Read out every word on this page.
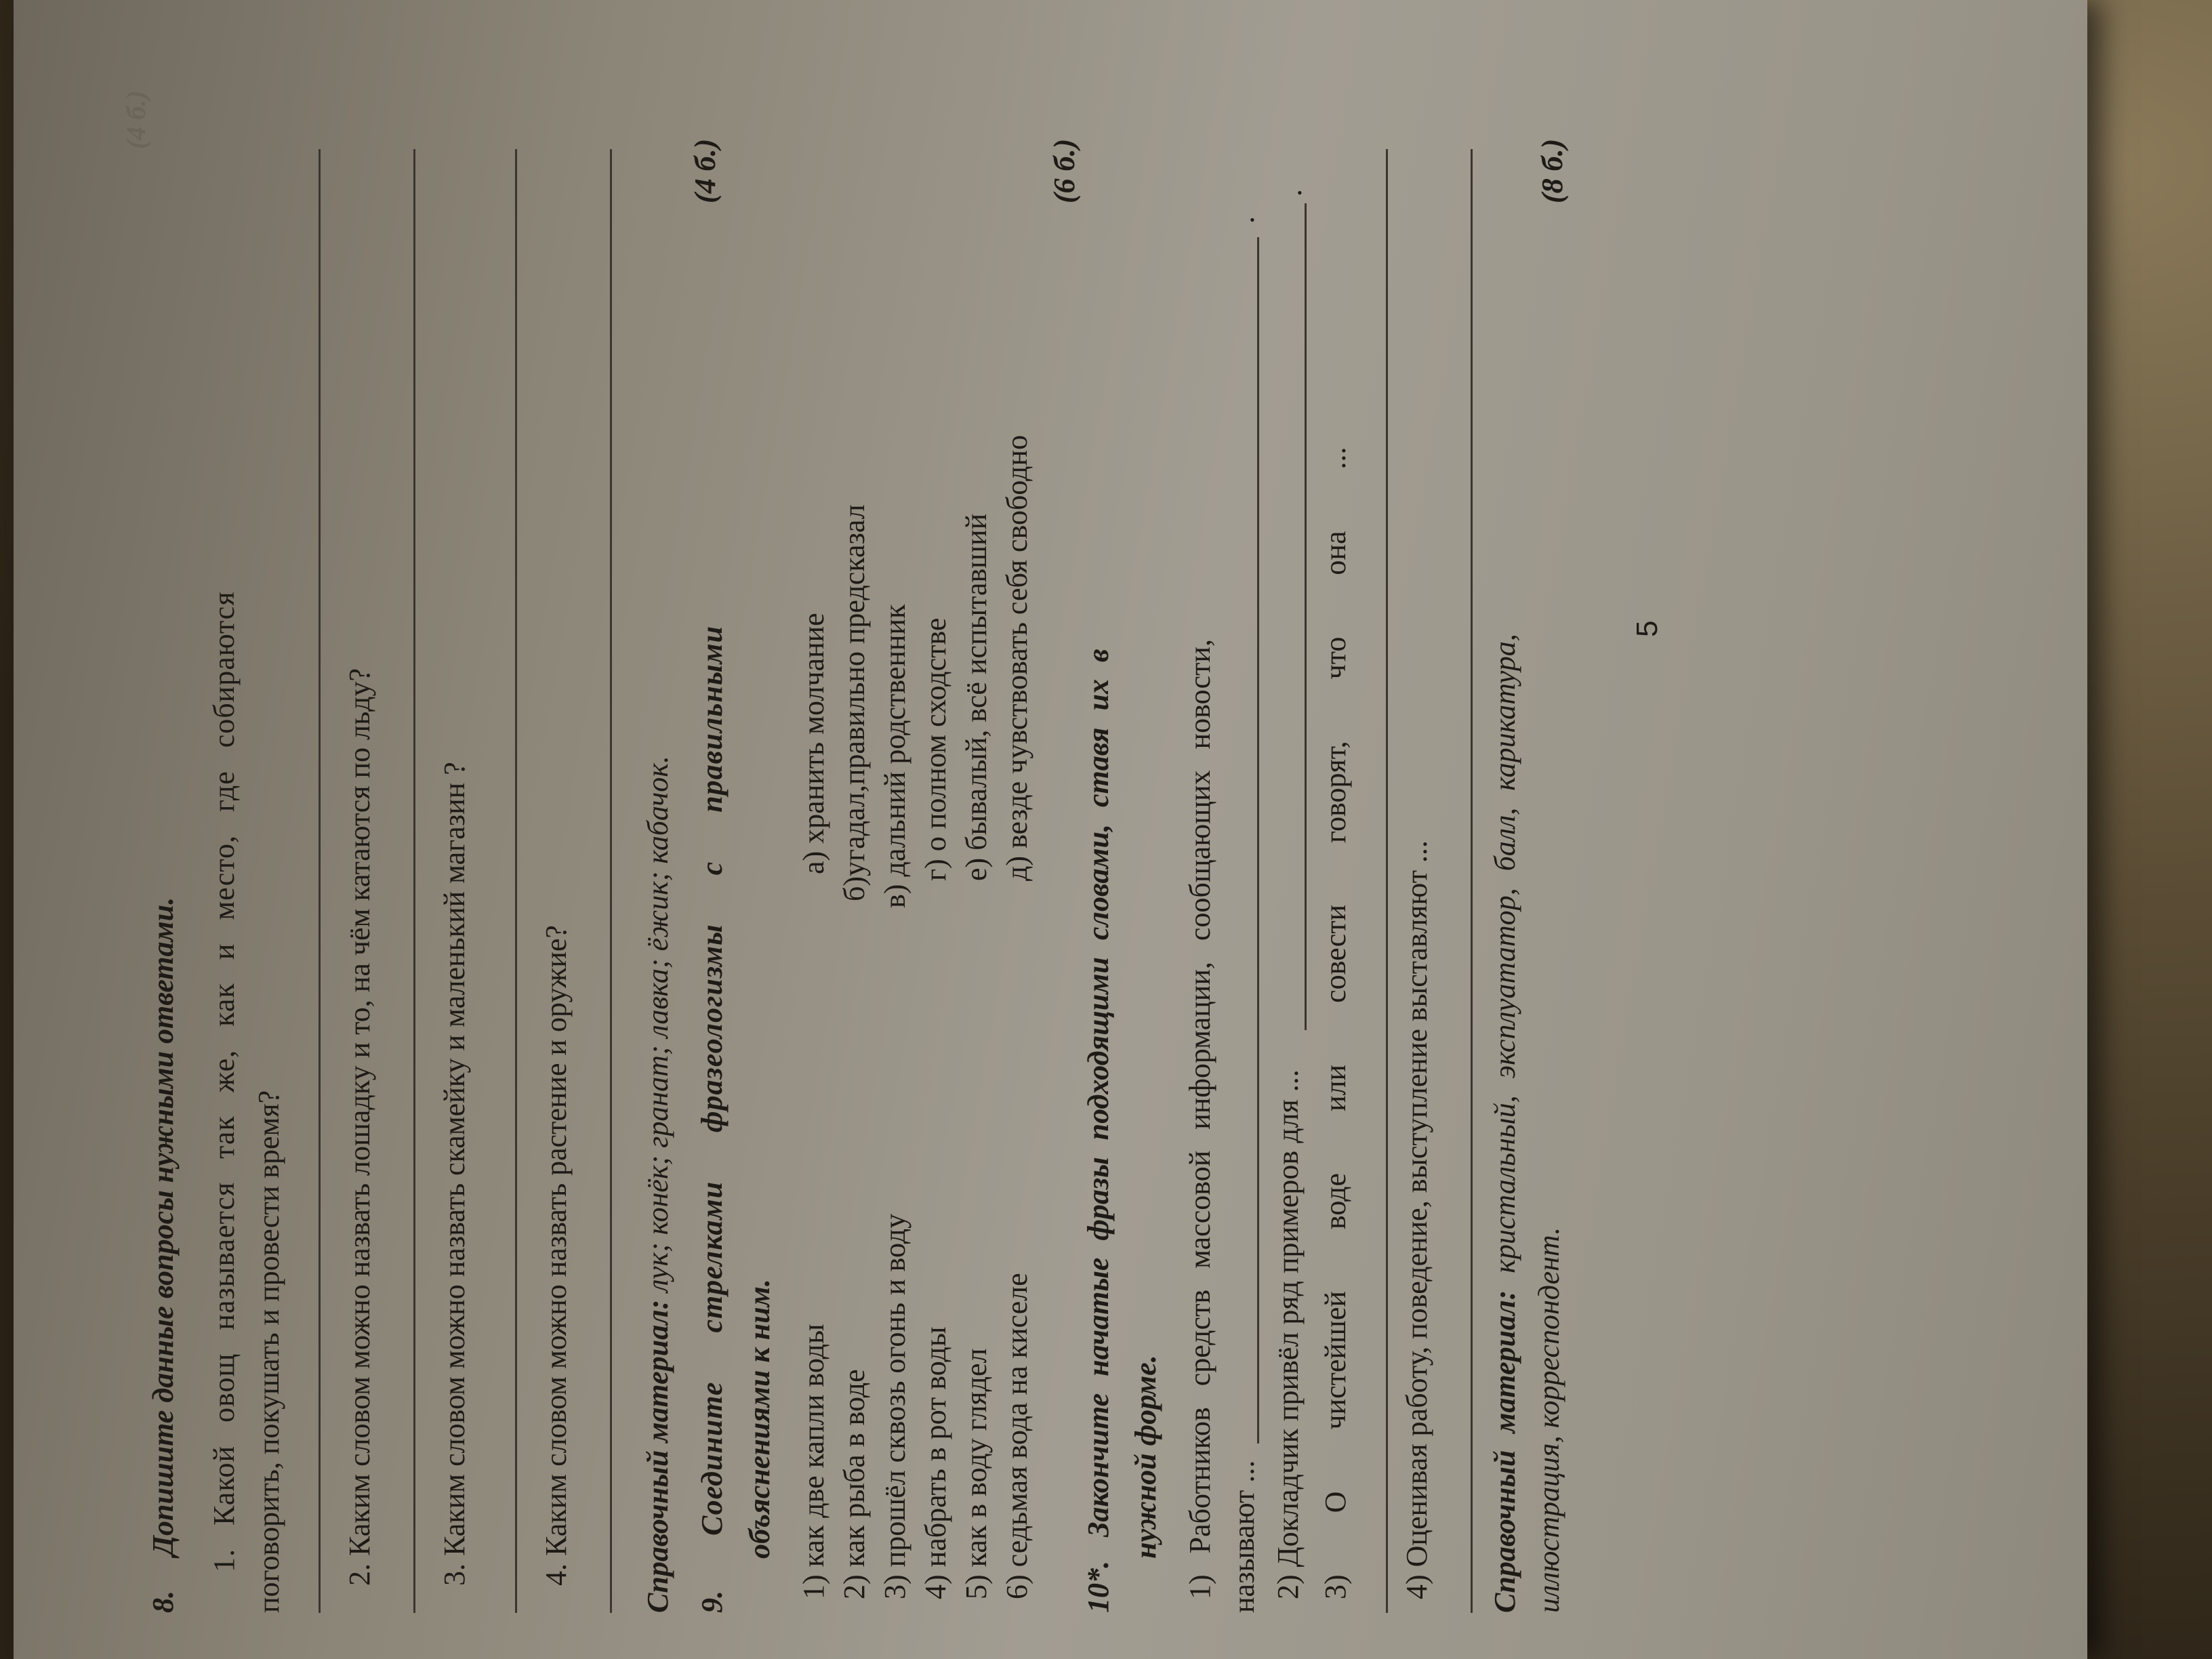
(4 б.)
8. Допишите данные вопросы нужными ответами. 1. Какой овощ называется так же, как и место, где собираются поговорить, покушать и провести время? 2. Каким словом можно назвать лошадку и то, на чём катаются по льду? 3. Каким словом можно назвать скамейку и маленький магазин ? 4. Каким словом можно назвать растение и оружие? Справочный материал: лук; конёк; гранат; лавка; ёжик; кабачок.
(4 б.)
9. Соедините стрелками фразеологизмы с правильными объяснениями к ним. 1) как две капли воды 2) как рыба в воде 3) прошёл сквозь огонь и воду 4) набрать в рот воды 5) как в воду глядел 6) седьмая вода на киселе
а) хранить молчание б)угадал,правильно предсказал в) дальний родственник г) о полном сходстве е) бывалый, всё испытавший д) везде чувствовать себя свободно
(6 б.)
10*. Закончите начатые фразы подходящими словами, ставя их в нужной форме. 1) Работников средств массовой информации, сообщающих новости, называют ...
.
2) Докладчик привёл ряд примеров для ...
.
3) О чистейшей воде или совести говорят, что она ... 4) Оценивая работу, поведение, выступление выставляют ... Справочный материал: кристальный, эксплуататор, балл, карикатура,
иллюстрация, корреспондент.
(8 б.)
5
